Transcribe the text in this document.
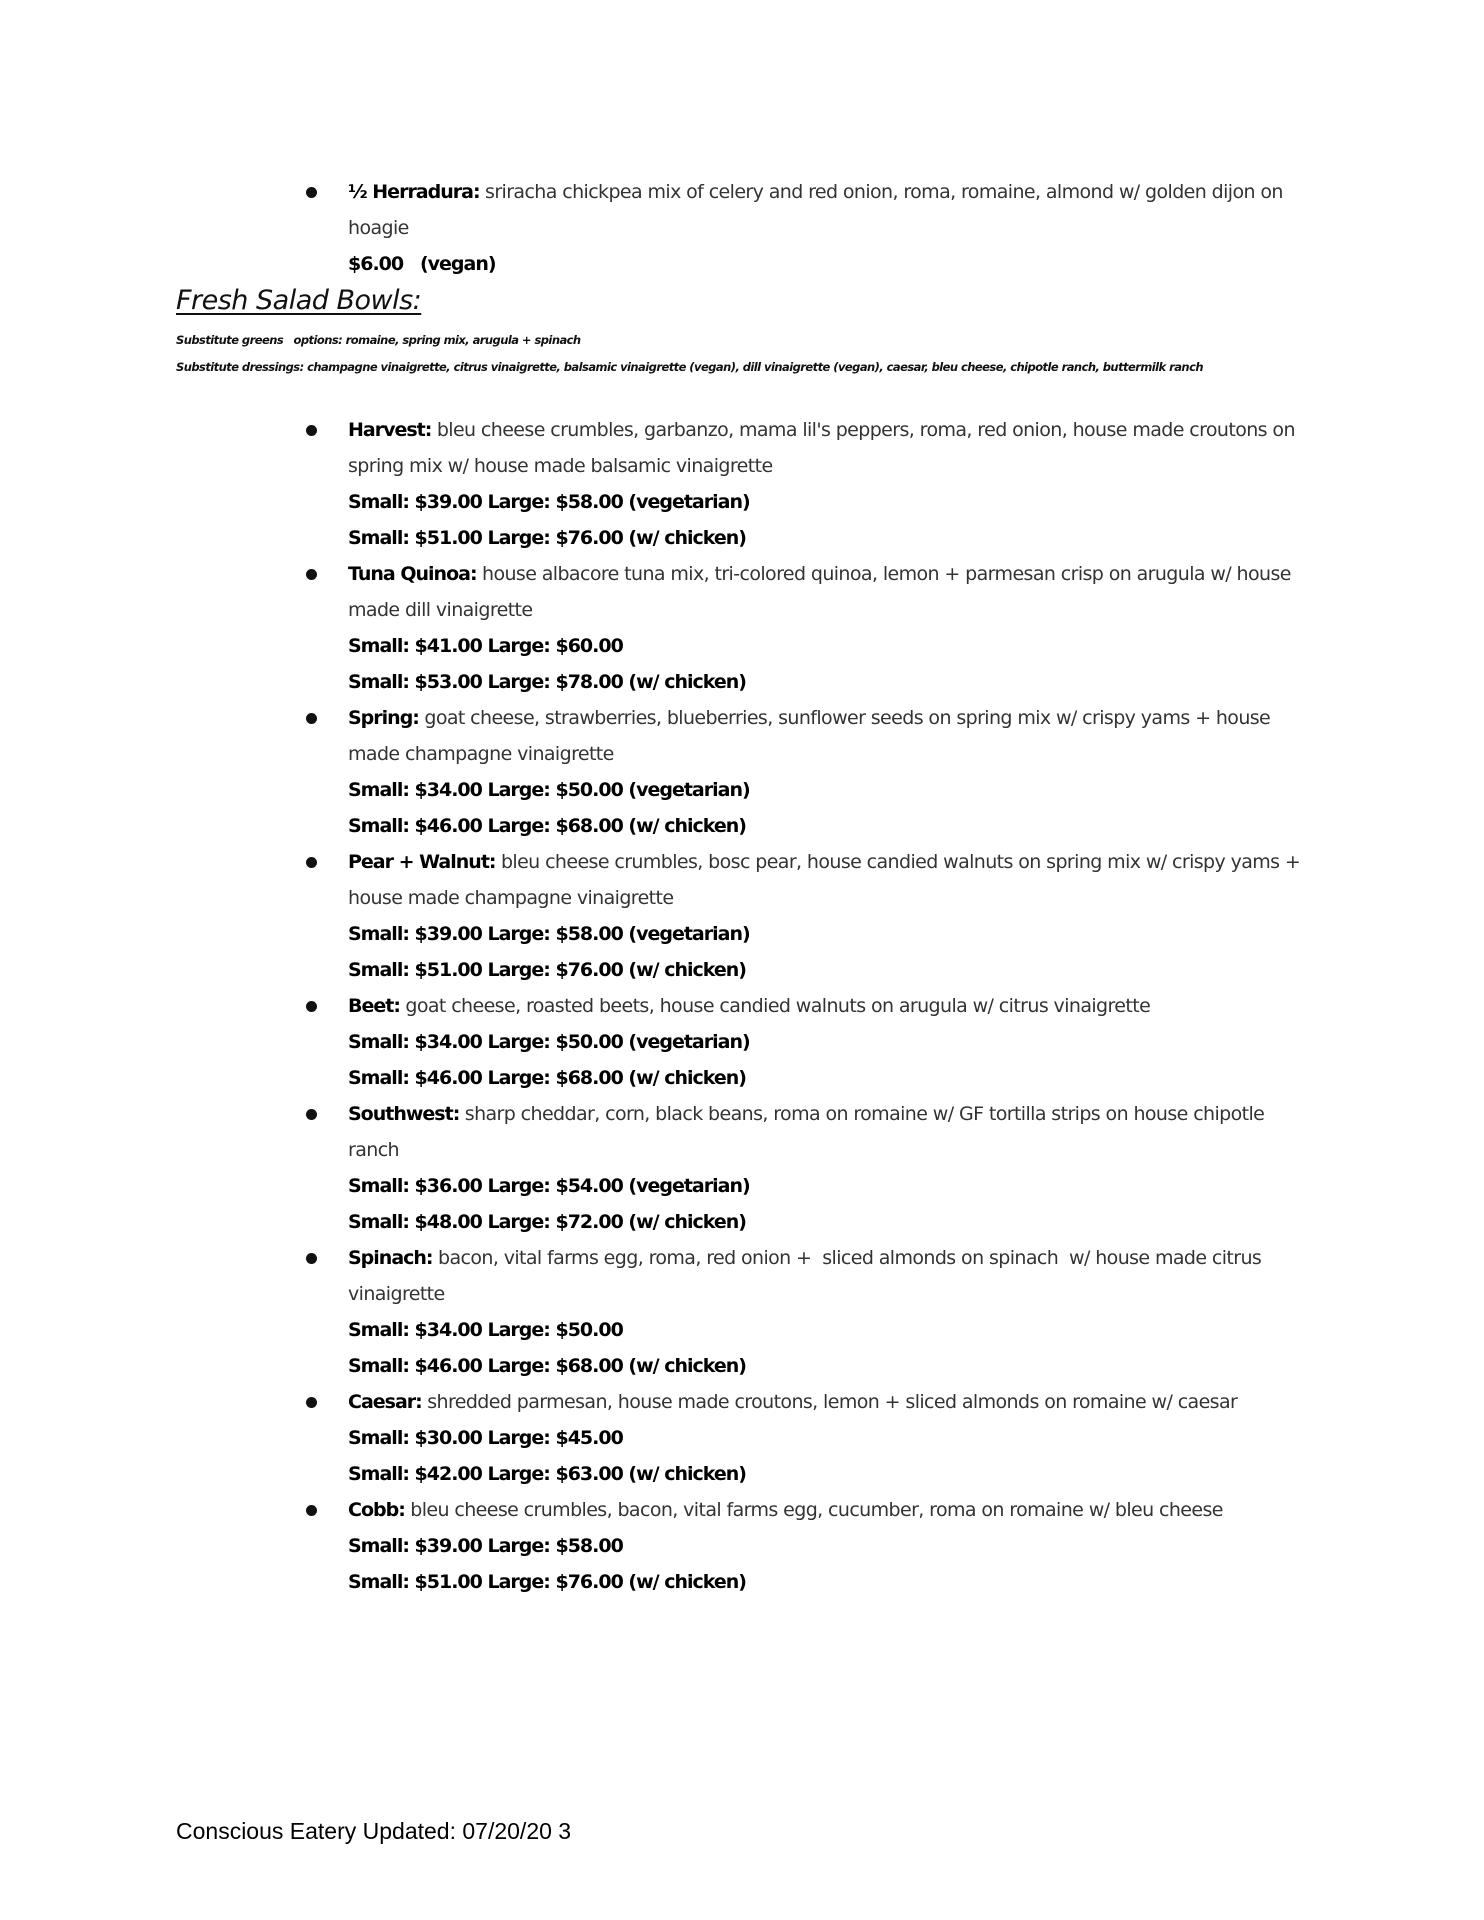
½ Herradura: sriracha chickpea mix of celery and red onion, roma, romaine, almond w/ golden dijon on hoagie
$6.00   (vegan)
Fresh Salad Bowls:

Substitute greens   options: romaine, spring mix, arugula + spinach

Substitute dressings: champagne vinaigrette, citrus vinaigrette, balsamic vinaigrette (vegan), dill vinaigrette (vegan), caesar, bleu cheese, chipotle ranch, buttermilk ranch

Harvest: bleu cheese crumbles, garbanzo, mama lil's peppers, roma, red onion, house made croutons on spring mix w/ house made balsamic vinaigrette
Small: $39.00 Large: $58.00 (vegetarian)
Small: $51.00 Large: $76.00 (w/ chicken)
Tuna Quinoa: house albacore tuna mix, tri-colored quinoa, lemon + parmesan crisp on arugula w/ house made dill vinaigrette
Small: $41.00 Large: $60.00
Small: $53.00 Large: $78.00 (w/ chicken)
Spring: goat cheese, strawberries, blueberries, sunflower seeds on spring mix w/ crispy yams + house made champagne vinaigrette
Small: $34.00 Large: $50.00 (vegetarian)
Small: $46.00 Large: $68.00 (w/ chicken)
Pear + Walnut: bleu cheese crumbles, bosc pear, house candied walnuts on spring mix w/ crispy yams + house made champagne vinaigrette
Small: $39.00 Large: $58.00 (vegetarian)
Small: $51.00 Large: $76.00 (w/ chicken)
Beet: goat cheese, roasted beets, house candied walnuts on arugula w/ citrus vinaigrette
Small: $34.00 Large: $50.00 (vegetarian)
Small: $46.00 Large: $68.00 (w/ chicken)
Southwest: sharp cheddar, corn, black beans, roma on romaine w/ GF tortilla strips on house chipotle ranch
Small: $36.00 Large: $54.00 (vegetarian)
Small: $48.00 Large: $72.00 (w/ chicken)
Spinach: bacon, vital farms egg, roma, red onion +  sliced almonds on spinach  w/ house made citrus vinaigrette
Small: $34.00 Large: $50.00
Small: $46.00 Large: $68.00 (w/ chicken)
Caesar: shredded parmesan, house made croutons, lemon + sliced almonds on romaine w/ caesar
Small: $30.00 Large: $45.00
Small: $42.00 Large: $63.00 (w/ chicken)
Cobb: bleu cheese crumbles, bacon, vital farms egg, cucumber, roma on romaine w/ bleu cheese
Small: $39.00 Large: $58.00
Small: $51.00 Large: $76.00 (w/ chicken)

Conscious Eatery Updated: 07/20/20 3
